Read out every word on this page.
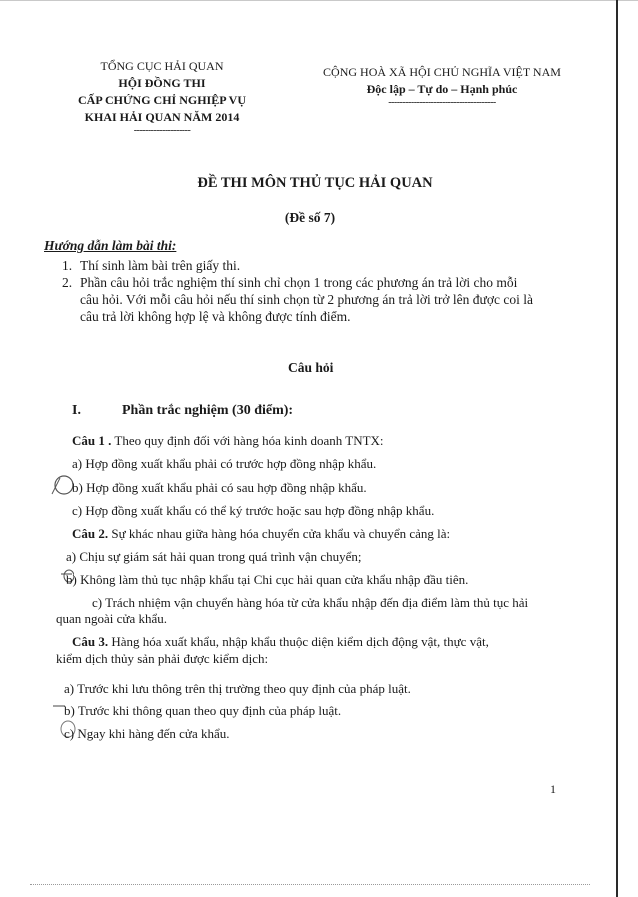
TỔNG CỤC HẢI QUAN
HỘI ĐỒNG THI
CẤP CHỨNG CHỈ NGHIỆP VỤ
KHAI HẢI QUAN NĂM 2014
--------------------
CỘNG HOÀ XÃ HỘI CHỦ NGHĨA VIỆT NAM
Độc lập – Tự do – Hạnh phúc
--------------------------------------
ĐỀ THI MÔN THỦ TỤC HẢI QUAN
(Đề số 7)
Hướng dẫn làm bài thi:
1. Thí sinh làm bài trên giấy thi.
2. Phần câu hỏi trắc nghiệm thí sinh chỉ chọn 1 trong các phương án trả lời cho mỗi
câu hỏi. Với mỗi câu hỏi nếu thí sinh chọn từ 2 phương án trả lời trở lên được coi là
câu trả lời không hợp lệ và không được tính điểm.
Câu hỏi
I.	Phần trắc nghiệm (30 điểm):
Câu 1 . Theo quy định đối với hàng hóa kinh doanh TNTX:
a) Hợp đồng xuất khẩu phải có trước hợp đồng nhập khẩu.
b) Hợp đồng xuất khẩu phải có sau hợp đồng nhập khẩu.
c) Hợp đồng xuất khẩu có thể ký trước hoặc sau hợp đồng nhập khẩu.
Câu 2. Sự khác nhau giữa hàng hóa chuyển cửa khẩu và chuyển cảng là:
a) Chịu sự giám sát hải quan trong quá trình vận chuyển;
b) Không làm thủ tục nhập khẩu tại Chi cục hải quan cửa khẩu nhập đầu tiên.
c) Trách nhiệm vận chuyển hàng hóa từ cửa khẩu nhập đến địa điểm làm thủ tục hải
quan ngoài cửa khẩu.
Câu 3. Hàng hóa xuất khẩu, nhập khẩu thuộc diện kiểm dịch động vật, thực vật,
kiểm dịch thủy sản phải được kiểm dịch:
a) Trước khi lưu thông trên thị trường theo quy định của pháp luật.
b) Trước khi thông quan theo quy định của pháp luật.
c) Ngay khi hàng đến cửa khẩu.
1
